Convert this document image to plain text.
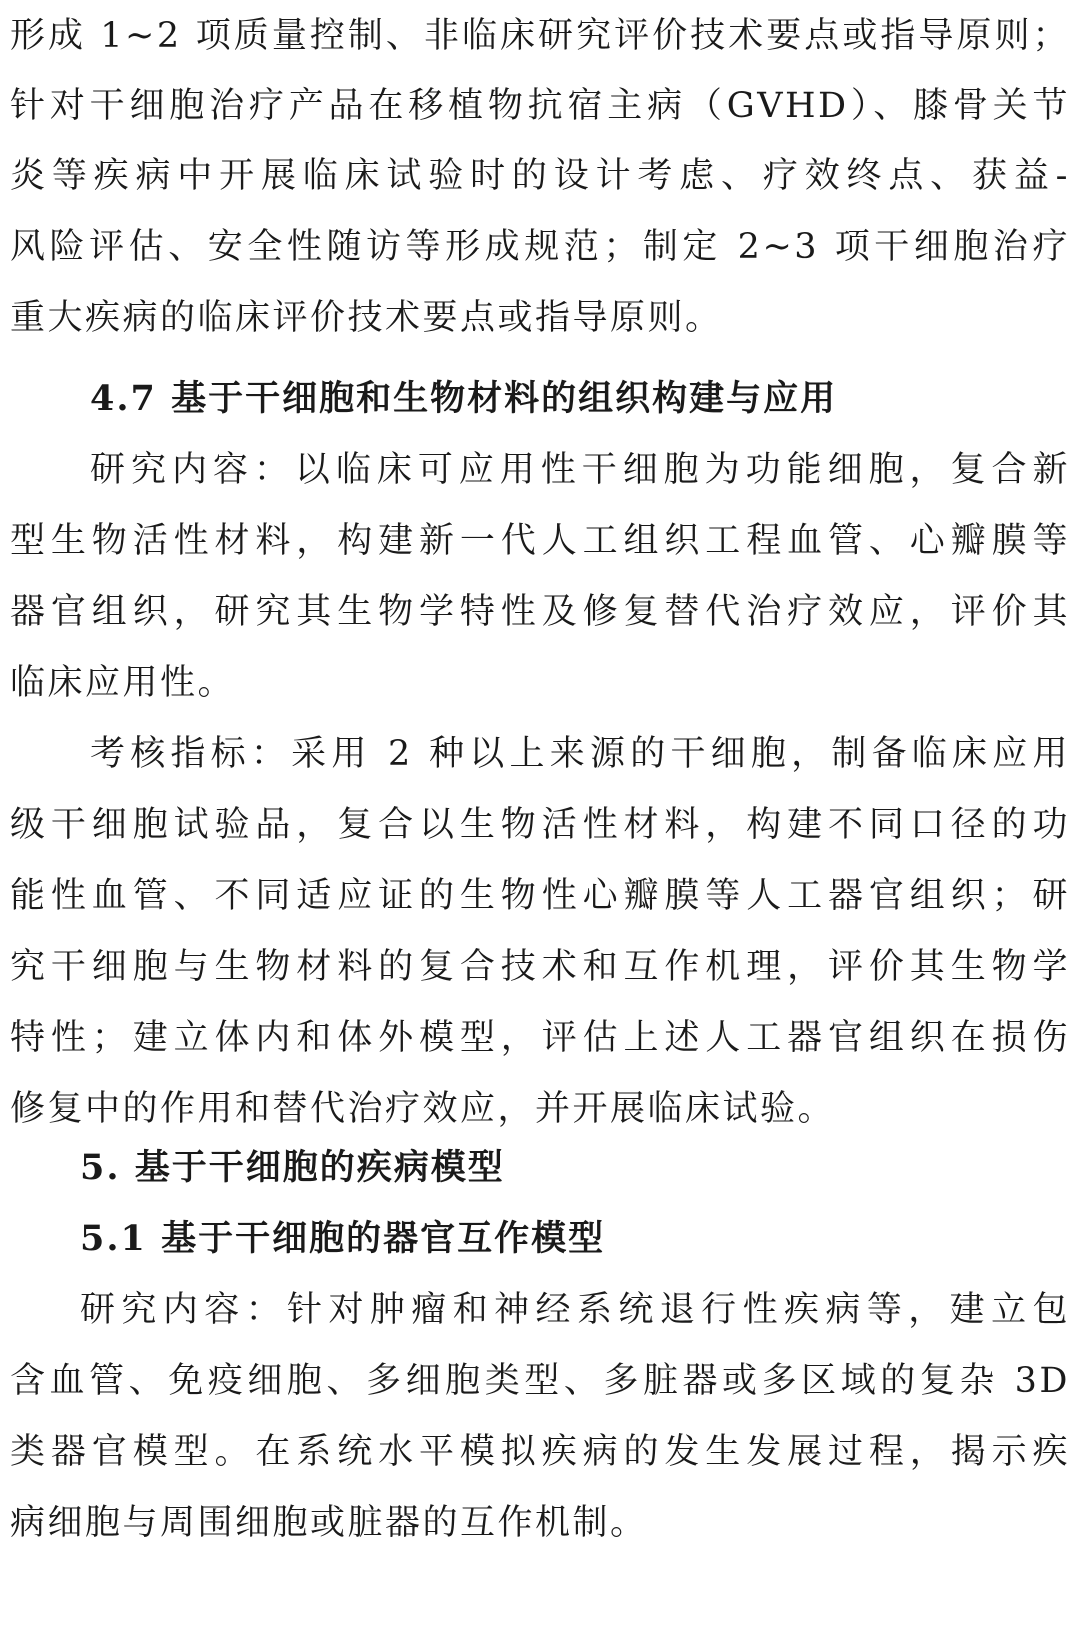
形成 1~2 项质量控制、非临床研究评价技术要点或指导原则；
针对干细胞治疗产品在移植物抗宿主病（GVHD）、膝骨关节
炎等疾病中开展临床试验时的设计考虑、疗效终点、获益-
风险评估、安全性随访等形成规范；制定 2~3 项干细胞治疗
重大疾病的临床评价技术要点或指导原则。
4.7 基于干细胞和生物材料的组织构建与应用
研究内容：以临床可应用性干细胞为功能细胞，复合新
型生物活性材料，构建新一代人工组织工程血管、心瓣膜等
器官组织，研究其生物学特性及修复替代治疗效应，评价其
临床应用性。
考核指标：采用 2 种以上来源的干细胞，制备临床应用
级干细胞试验品，复合以生物活性材料，构建不同口径的功
能性血管、不同适应证的生物性心瓣膜等人工器官组织；研
究干细胞与生物材料的复合技术和互作机理，评价其生物学
特性；建立体内和体外模型，评估上述人工器官组织在损伤
修复中的作用和替代治疗效应，并开展临床试验。
5. 基于干细胞的疾病模型
5.1 基于干细胞的器官互作模型
研究内容：针对肿瘤和神经系统退行性疾病等，建立包
含血管、免疫细胞、多细胞类型、多脏器或多区域的复杂 3D
类器官模型。在系统水平模拟疾病的发生发展过程，揭示疾
病细胞与周围细胞或脏器的互作机制。
